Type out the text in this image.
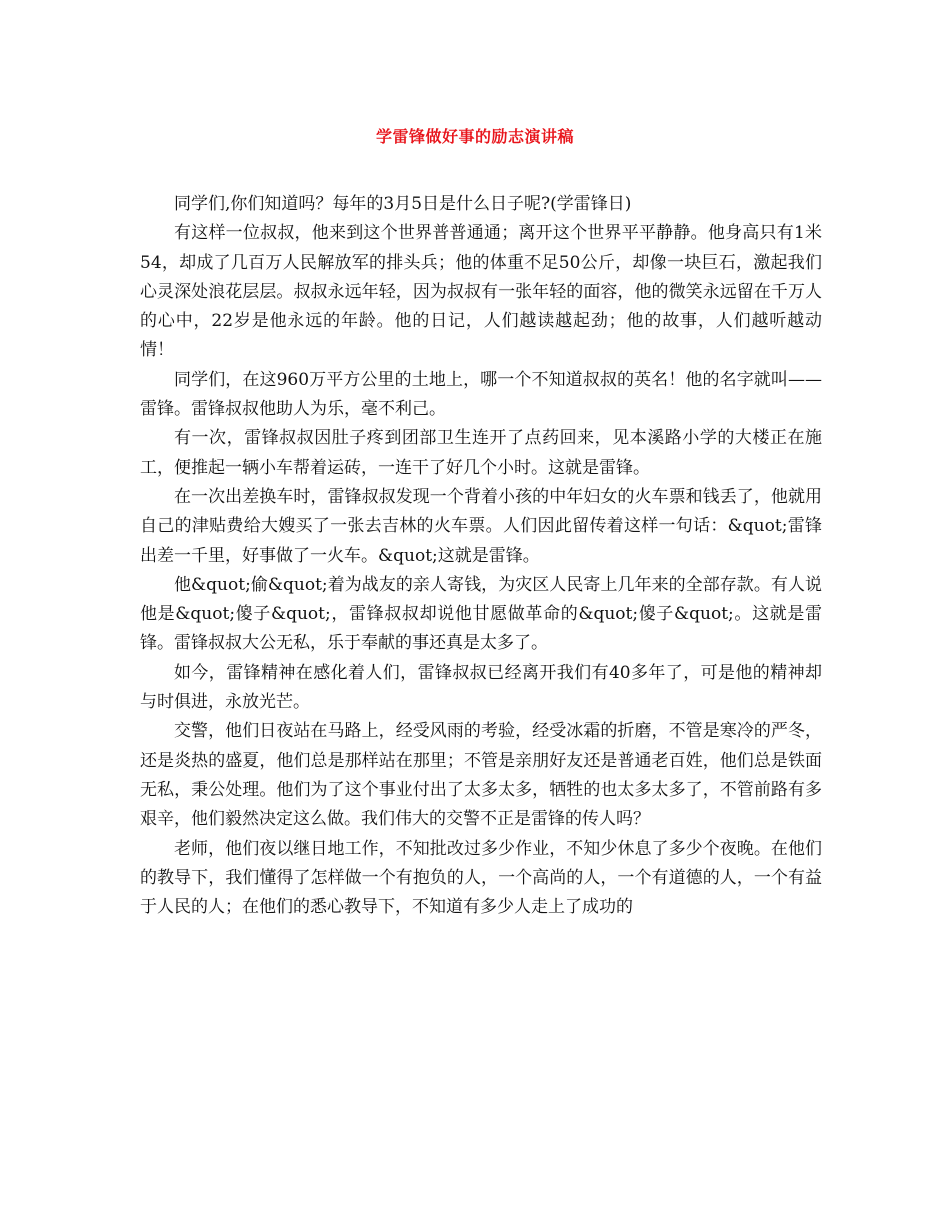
学雷锋做好事的励志演讲稿

同学们,你们知道吗？每年的3月5日是什么日子呢?(学雷锋日)

有这样一位叔叔，他来到这个世界普普通通；离开这个世界平平静静。他身高只有1米54，却成了几百万人民解放军的排头兵；他的体重不足50公斤，却像一块巨石，激起我们心灵深处浪花层层。叔叔永远年轻，因为叔叔有一张年轻的面容，他的微笑永远留在千万人的心中，22岁是他永远的年龄。他的日记，人们越读越起劲；他的故事，人们越听越动情！

同学们，在这960万平方公里的土地上，哪一个不知道叔叔的英名！他的名字就叫——雷锋。雷锋叔叔他助人为乐，毫不利己。

有一次，雷锋叔叔因肚子疼到团部卫生连开了点药回来，见本溪路小学的大楼正在施工，便推起一辆小车帮着运砖，一连干了好几个小时。这就是雷锋。

在一次出差换车时，雷锋叔叔发现一个背着小孩的中年妇女的火车票和钱丢了，他就用自己的津贴费给大嫂买了一张去吉林的火车票。人们因此留传着这样一句话：&quot;雷锋出差一千里，好事做了一火车。&quot;这就是雷锋。

他&quot;偷&quot;着为战友的亲人寄钱，为灾区人民寄上几年来的全部存款。有人说他是&quot;傻子&quot;，雷锋叔叔却说他甘愿做革命的&quot;傻子&quot;。这就是雷锋。雷锋叔叔大公无私，乐于奉献的事还真是太多了。

如今，雷锋精神在感化着人们，雷锋叔叔已经离开我们有40多年了，可是他的精神却与时俱进，永放光芒。

交警，他们日夜站在马路上，经受风雨的考验，经受冰霜的折磨，不管是寒冷的严冬，还是炎热的盛夏，他们总是那样站在那里；不管是亲朋好友还是普通老百姓，他们总是铁面无私，秉公处理。他们为了这个事业付出了太多太多，牺牲的也太多太多了，不管前路有多艰辛，他们毅然决定这么做。我们伟大的交警不正是雷锋的传人吗？

老师，他们夜以继日地工作，不知批改过多少作业，不知少休息了多少个夜晚。在他们的教导下，我们懂得了怎样做一个有抱负的人，一个高尚的人，一个有道德的人，一个有益于人民的人；在他们的悉心教导下，不知道有多少人走上了成功的
